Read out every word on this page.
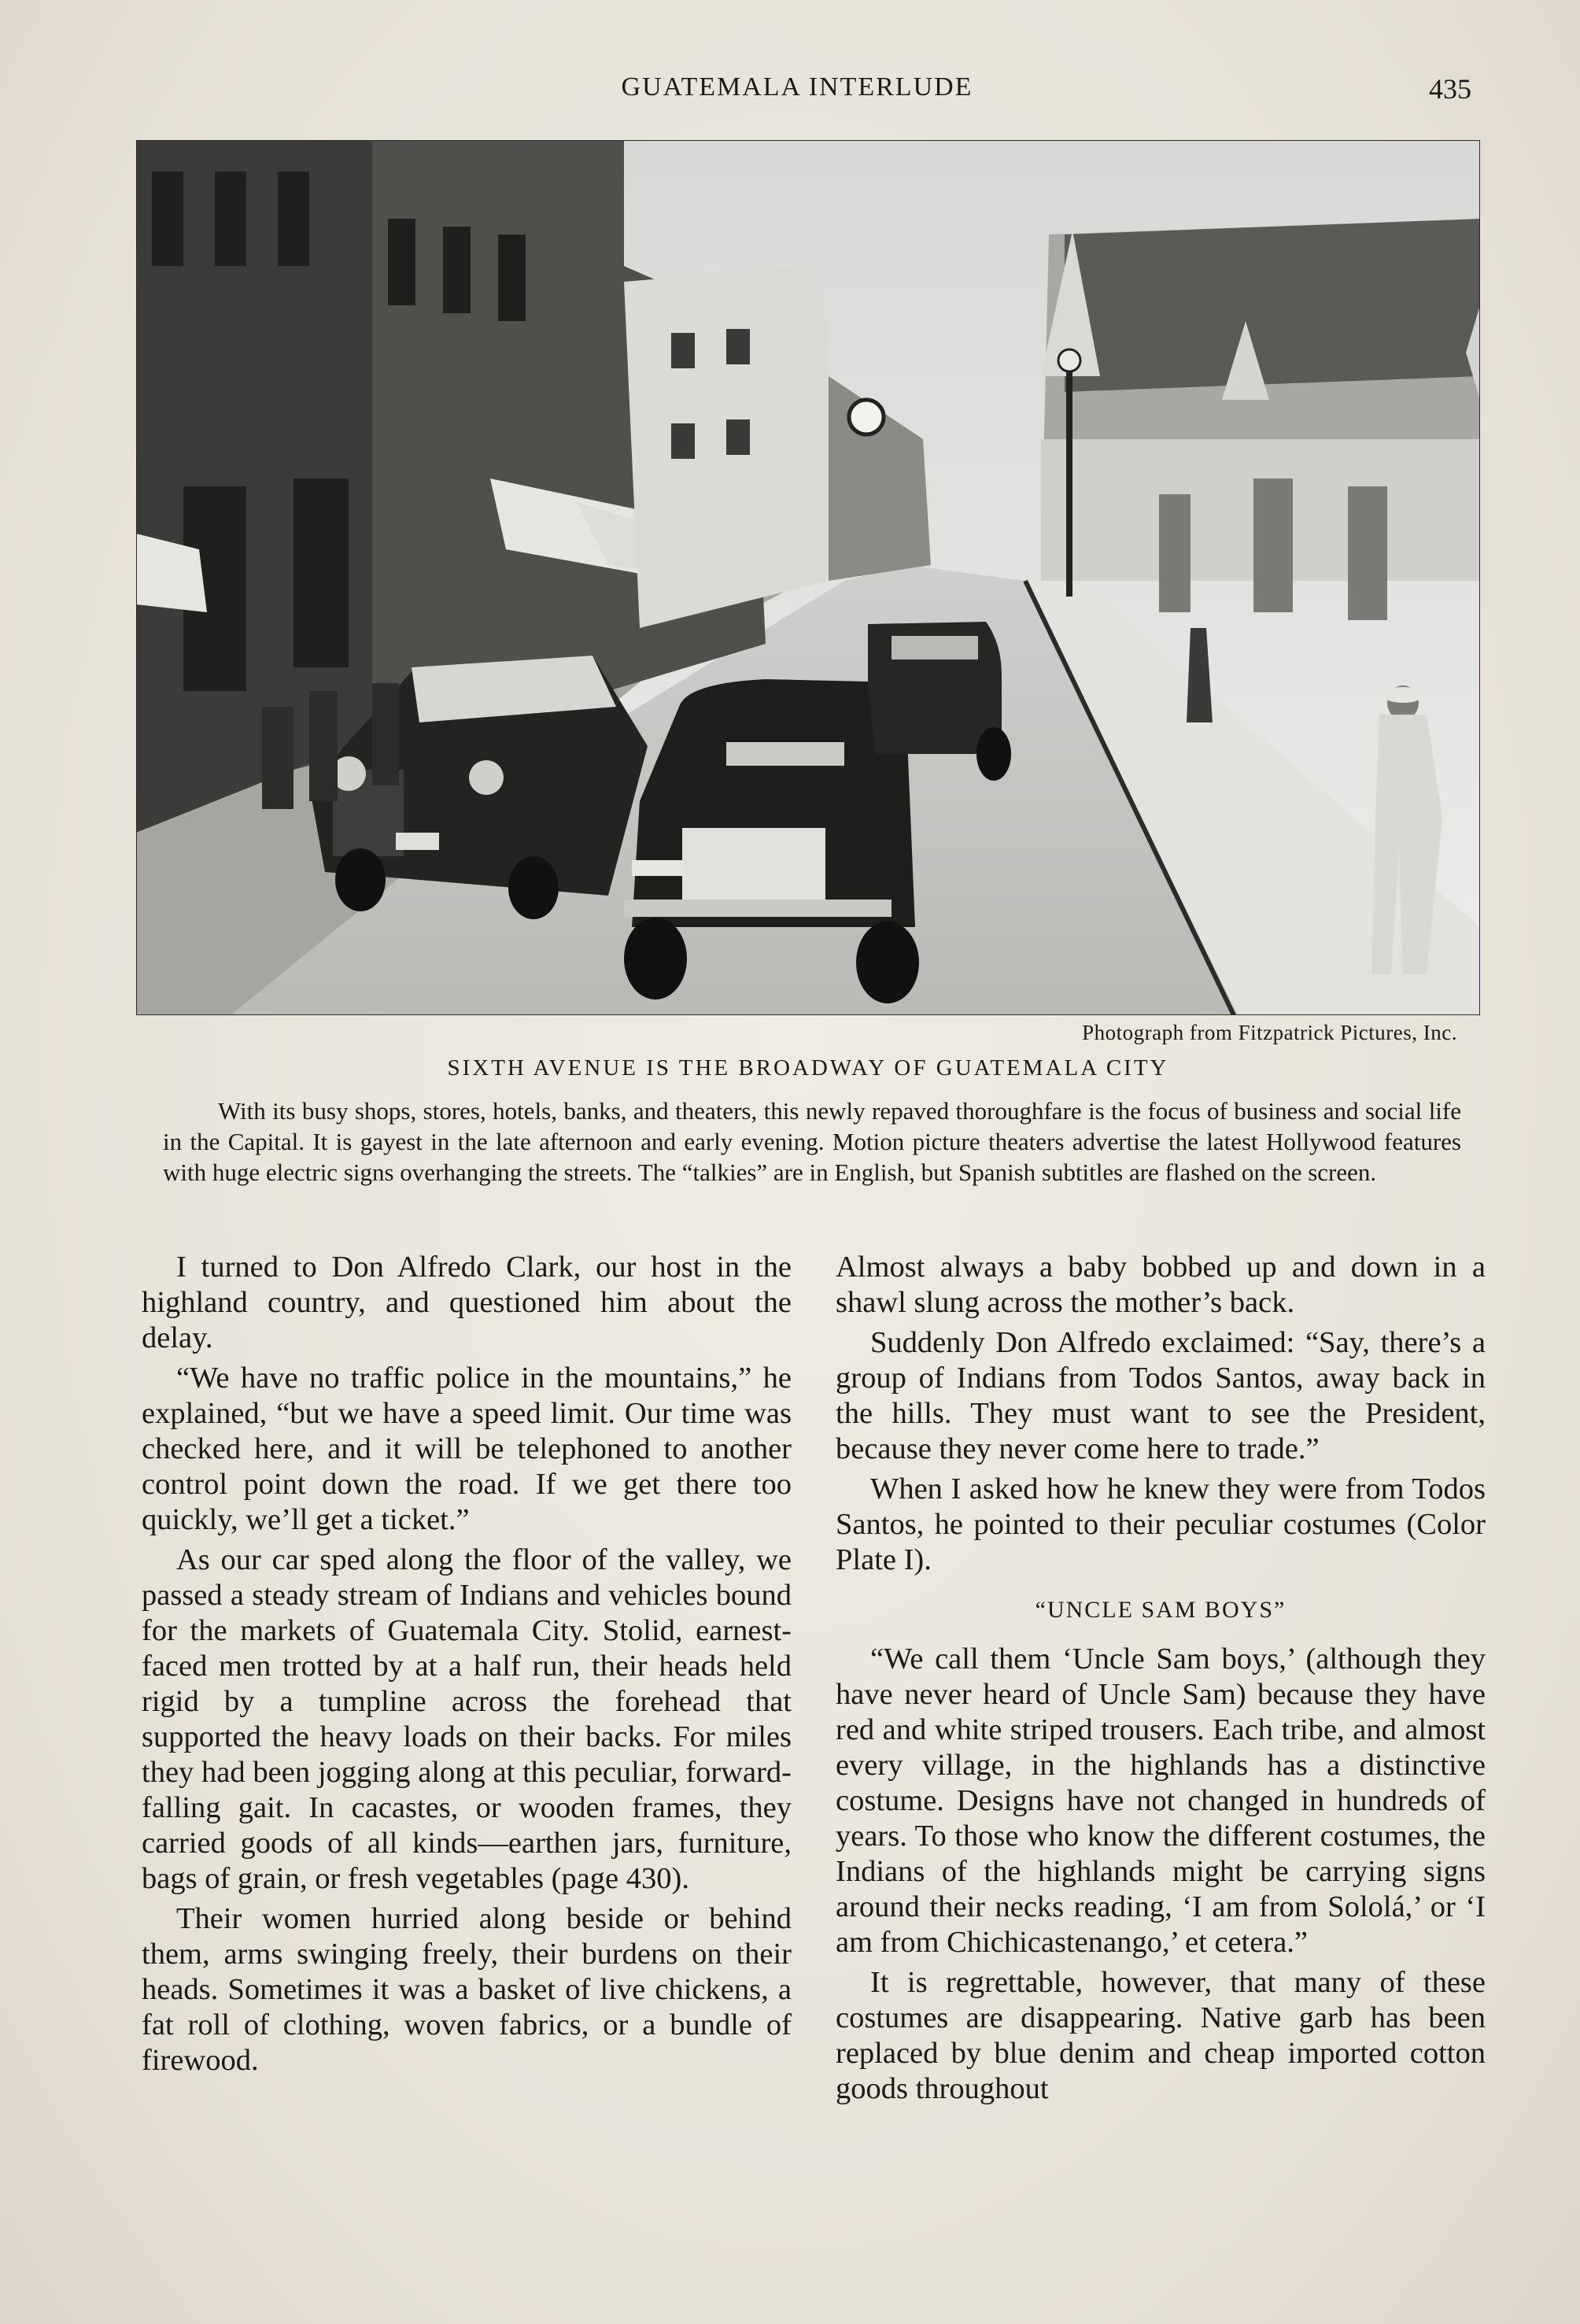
GUATEMALA INTERLUDE	435
Photograph from Fitzpatrick Pictures, Inc.
SIXTH AVENUE IS THE BROADWAY OF GUATEMALA CITY
With its busy shops, stores, hotels, banks, and theaters, this newly repaved thoroughfare is the focus of business and social life in the Capital. It is gayest in the late afternoon and early evening. Motion picture theaters advertise the latest Hollywood features with huge electric signs overhanging the streets. The “talkies” are in English, but Spanish subtitles are flashed on the screen.

I turned to Don Alfredo Clark, our host in the highland country, and questioned him about the delay.

“We have no traffic police in the mountains,” he explained, “but we have a speed limit. Our time was checked here, and it will be telephoned to another control point down the road. If we get there too quickly, we’ll get a ticket.”

As our car sped along the floor of the valley, we passed a steady stream of Indians and vehicles bound for the markets of Guatemala City. Stolid, earnest-faced men trotted by at a half run, their heads held rigid by a tumpline across the forehead that supported the heavy loads on their backs. For miles they had been jogging along at this peculiar, forward-falling gait. In cacastes, or wooden frames, they carried goods of all kinds—earthen jars, furniture, bags of grain, or fresh vegetables (page 430).

Their women hurried along beside or behind them, arms swinging freely, their burdens on their heads. Sometimes it was a basket of live chickens, a fat roll of clothing, woven fabrics, or a bundle of firewood.

Almost always a baby bobbed up and down in a shawl slung across the mother’s back.

Suddenly Don Alfredo exclaimed: “Say, there’s a group of Indians from Todos Santos, away back in the hills. They must want to see the President, because they never come here to trade.”

When I asked how he knew they were from Todos Santos, he pointed to their peculiar costumes (Color Plate I).

“UNCLE SAM BOYS”

“We call them ‘Uncle Sam boys,’ (although they have never heard of Uncle Sam) because they have red and white striped trousers. Each tribe, and almost every village, in the highlands has a distinctive costume. Designs have not changed in hundreds of years. To those who know the different costumes, the Indians of the highlands might be carrying signs around their necks reading, ‘I am from Sololá,’ or ‘I am from Chichicastenango,’ et cetera.”

It is regrettable, however, that many of these costumes are disappearing. Native garb has been replaced by blue denim and cheap imported cotton goods throughout
